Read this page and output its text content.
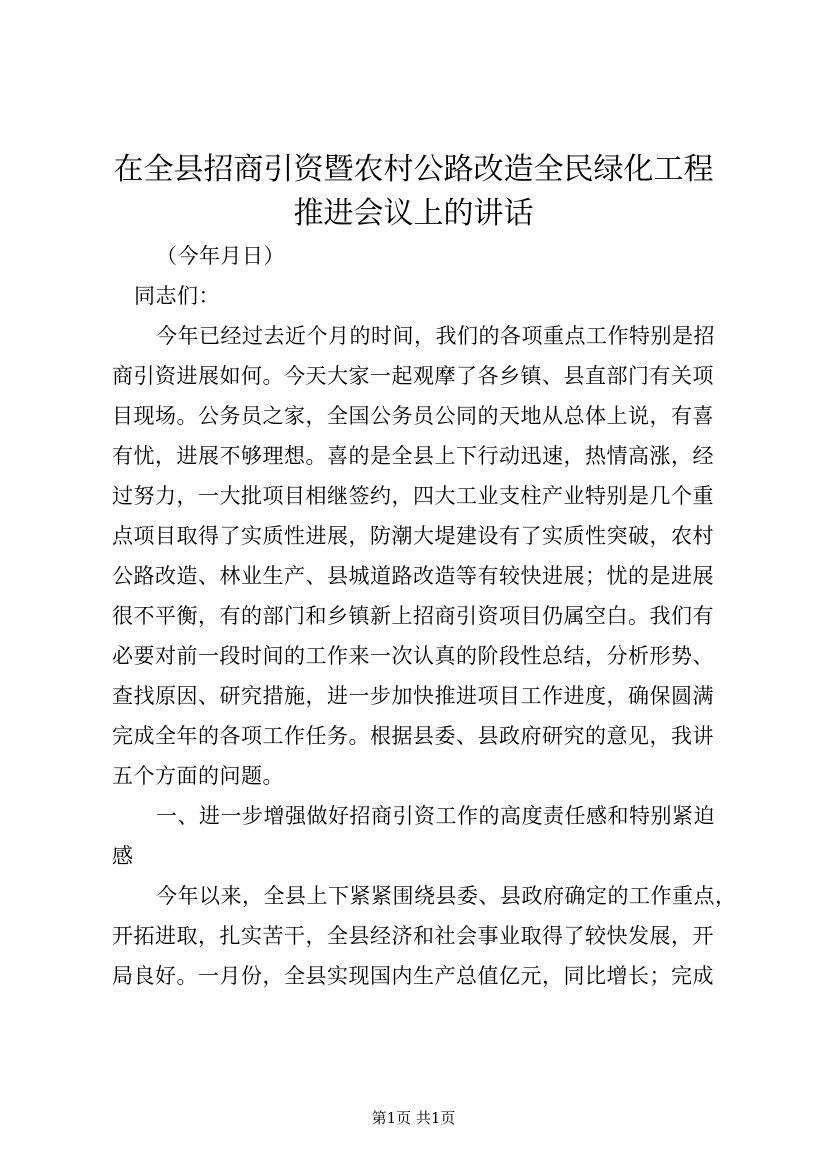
在全县招商引资暨农村公路改造全民绿化工程
推进会议上的讲话
（今年月日）
同志们：
今年已经过去近个月的时间，我们的各项重点工作特别是招
商引资进展如何。今天大家一起观摩了各乡镇、县直部门有关项
目现场。公务员之家，全国公务员公同的天地从总体上说，有喜
有忧，进展不够理想。喜的是全县上下行动迅速，热情高涨，经
过努力，一大批项目相继签约，四大工业支柱产业特别是几个重
点项目取得了实质性进展，防潮大堤建设有了实质性突破，农村
公路改造、林业生产、县城道路改造等有较快进展；忧的是进展
很不平衡，有的部门和乡镇新上招商引资项目仍属空白。我们有
必要对前一段时间的工作来一次认真的阶段性总结，分析形势、
查找原因、研究措施，进一步加快推进项目工作进度，确保圆满
完成全年的各项工作任务。根据县委、县政府研究的意见，我讲
五个方面的问题。
一、进一步增强做好招商引资工作的高度责任感和特别紧迫
感
今年以来，全县上下紧紧围绕县委、县政府确定的工作重点，
开拓进取，扎实苦干，全县经济和社会事业取得了较快发展，开
局良好。一月份，全县实现国内生产总值亿元，同比增长；完成
第1页 共1页
